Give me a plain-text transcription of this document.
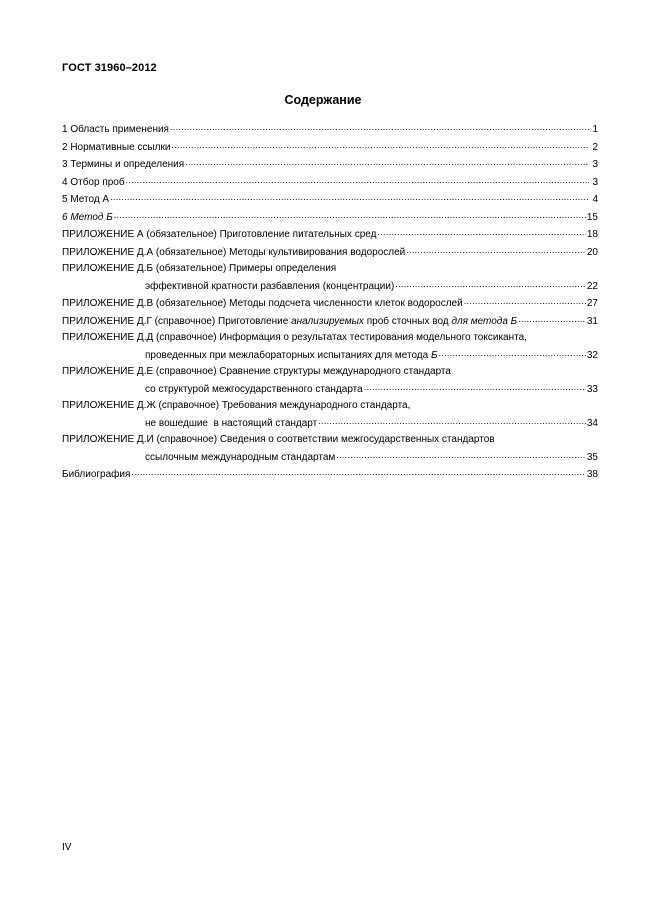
ГОСТ 31960–2012
Содержание
1 Область применения .....	1
2 Нормативные ссылки .....	2
3 Термины и определения .....	3
4 Отбор проб .....	3
5 Метод А .....	4
6 Метод Б .....	15
ПРИЛОЖЕНИЕ А (обязательное) Приготовление питательных сред .....	18
ПРИЛОЖЕНИЕ Д.А (обязательное) Методы культивирования водорослей .....	20
ПРИЛОЖЕНИЕ Д.Б (обязательное) Примеры определения
эффективной кратности разбавления (концентрации) .....	22
ПРИЛОЖЕНИЕ Д.В (обязательное) Методы подсчета численности клеток водорослей .....	27
ПРИЛОЖЕНИЕ Д.Г (справочное) Приготовление анализируемых проб сточных вод для метода Б .....	31
ПРИЛОЖЕНИЕ Д.Д (справочное) Информация о результатах тестирования модельного токсиканта,
проведенных при межлабораторных испытаниях для метода Б .....	32
ПРИЛОЖЕНИЕ Д.Е (справочное) Сравнение структуры международного стандарта
со структурой межгосударственного стандарта .....	33
ПРИЛОЖЕНИЕ Д.Ж (справочное) Требования международного стандарта,
не вошедшие  в настоящий стандарт .....	34
ПРИЛОЖЕНИЕ Д.И (справочное) Сведения о соответствии межгосударственных стандартов
ссылочным международным стандартам .....	35
Библиография .....	38
IV
